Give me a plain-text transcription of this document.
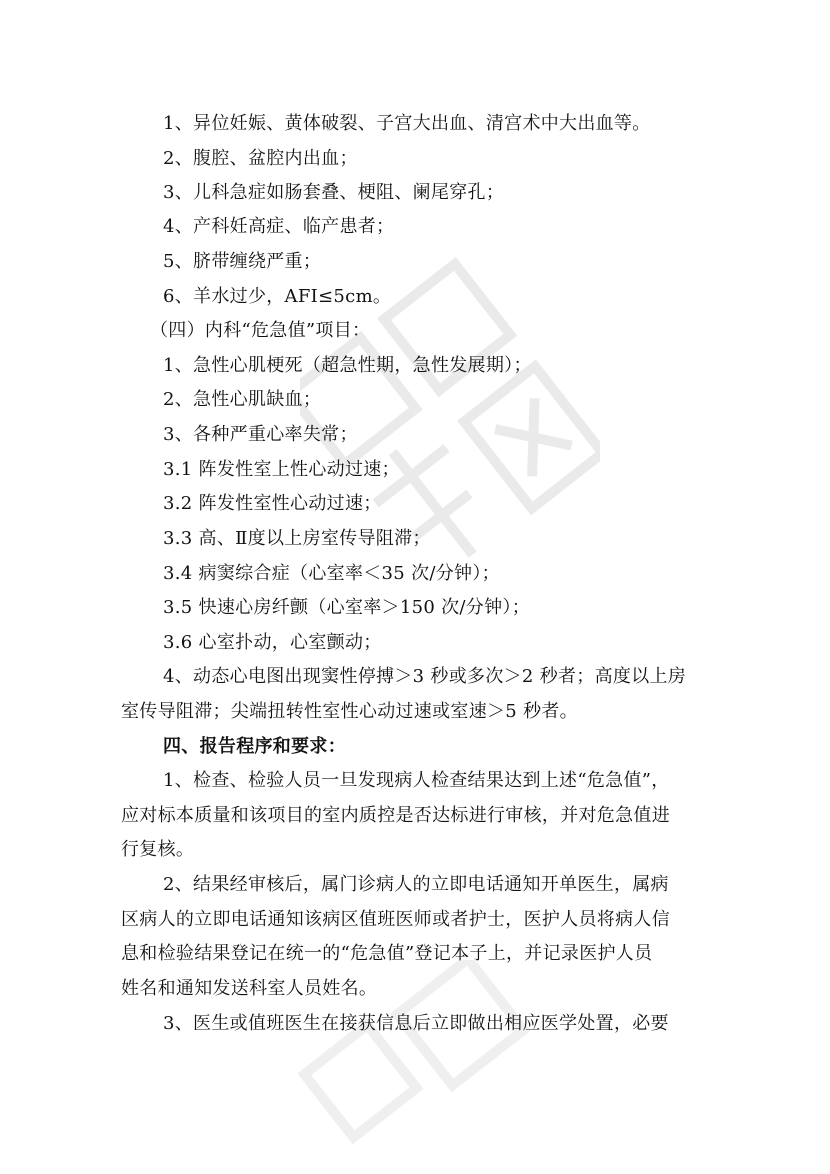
1、异位妊娠、黄体破裂、子宫大出血、清宫术中大出血等。
2、腹腔、盆腔内出血；
3、儿科急症如肠套叠、梗阻、阑尾穿孔；
4、产科妊高症、临产患者；
5、脐带缠绕严重；
6、羊水过少，AFI≤5cm。
（四）内科“危急值”项目：
1、急性心肌梗死（超急性期，急性发展期）；
2、急性心肌缺血；
3、各种严重心率失常；
3.1 阵发性室上性心动过速；
3.2 阵发性室性心动过速；
3.3 高、Ⅱ度以上房室传导阻滞；
3.4 病窦综合症（心室率＜35 次/分钟）；
3.5 快速心房纤颤（心室率＞150 次/分钟）；
3.6 心室扑动，心室颤动；
4、动态心电图出现窦性停搏＞3 秒或多次＞2 秒者；高度以上房
室传导阻滞；尖端扭转性室性心动过速或室速＞5 秒者。
四、报告程序和要求：
1、检查、检验人员一旦发现病人检查结果达到上述“危急值”，
应对标本质量和该项目的室内质控是否达标进行审核，并对危急值进
行复核。
2、结果经审核后，属门诊病人的立即电话通知开单医生，属病
区病人的立即电话通知该病区值班医师或者护士，医护人员将病人信
息和检验结果登记在统一的“危急值”登记本子上，并记录医护人员
姓名和通知发送科室人员姓名。
3、医生或值班医生在接获信息后立即做出相应医学处置，必要
